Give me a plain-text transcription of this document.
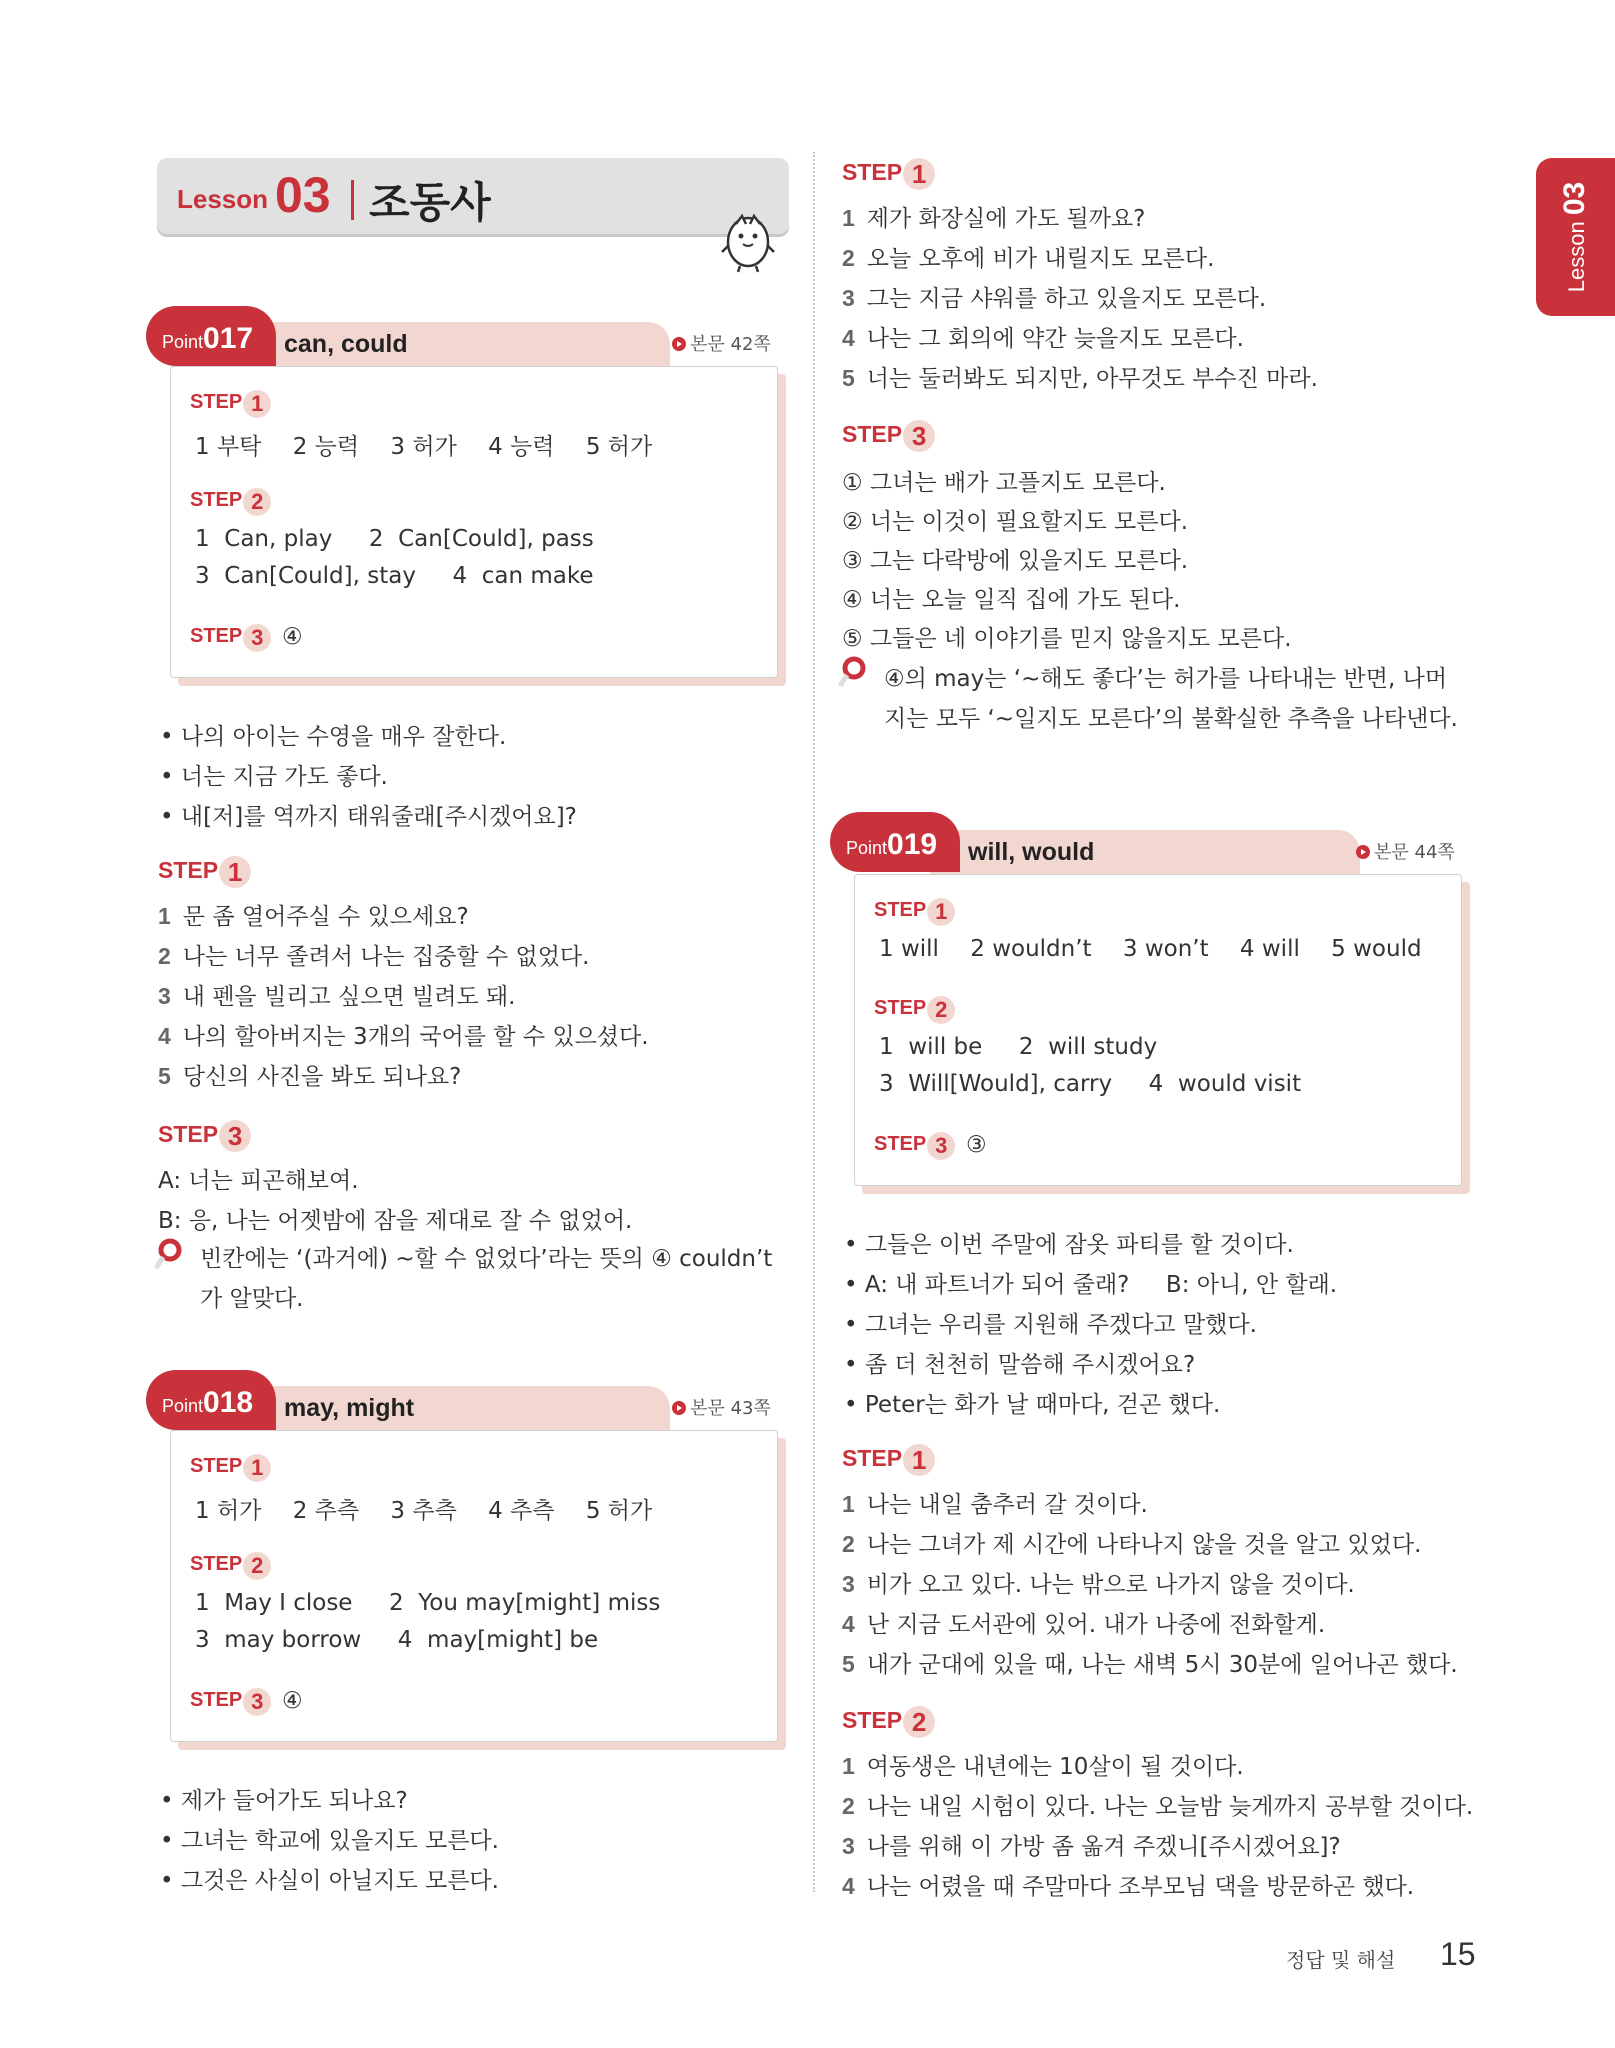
Lesson 03 조동사
Lesson 03
Point017 can, could	본문 42쪽
STEP 1
1 부탁 2 능력 3 허가 4 능력 5 허가
STEP 2
1  Can, play     2  Can[Could], pass
3  Can[Could], stay     4  can make
STEP 3 ④
• 나의 아이는 수영을 매우 잘한다.
• 너는 지금 가도 좋다.
• 내[저]를 역까지 태워줄래[주시겠어요]?
STEP 1
1 문 좀 열어주실 수 있으세요?
2 나는 너무 졸려서 나는 집중할 수 없었다.
3 내 펜을 빌리고 싶으면 빌려도 돼.
4 나의 할아버지는 3개의 국어를 할 수 있으셨다.
5 당신의 사진을 봐도 되나요?
STEP 3
A: 너는 피곤해보여.
B: 응, 나는 어젯밤에 잠을 제대로 잘 수 없었어.
빈칸에는 ‘(과거에) ~할 수 없었다’라는 뜻의 ④ couldn’t
가 알맞다.
Point018 may, might	본문 43쪽
STEP 1
1 허가 2 추측 3 추측 4 추측 5 허가
STEP 2
1  May I close     2  You may[might] miss
3  may borrow     4  may[might] be
STEP 3 ④
• 제가 들어가도 되나요?
• 그녀는 학교에 있을지도 모른다.
• 그것은 사실이 아닐지도 모른다.
STEP 1
1 제가 화장실에 가도 될까요?
2 오늘 오후에 비가 내릴지도 모른다.
3 그는 지금 샤워를 하고 있을지도 모른다.
4 나는 그 회의에 약간 늦을지도 모른다.
5 너는 둘러봐도 되지만, 아무것도 부수진 마라.
STEP 3
① 그녀는 배가 고플지도 모른다.
② 너는 이것이 필요할지도 모른다.
③ 그는 다락방에 있을지도 모른다.
④ 너는 오늘 일직 집에 가도 된다.
⑤ 그들은 네 이야기를 믿지 않을지도 모른다.
④의 may는 ‘~해도 좋다’는 허가를 나타내는 반면, 나머
지는 모두 ‘~일지도 모른다’의 불확실한 추측을 나타낸다.
Point019 will, would	본문 44쪽
STEP 1
1 will 2 wouldn’t 3 won’t 4 will 5 would
STEP 2
1  will be     2  will study
3  Will[Would], carry     4  would visit
STEP 3 ③
• 그들은 이번 주말에 잠옷 파티를 할 것이다.
• A: 내 파트너가 되어 줄래?     B: 아니, 안 할래.
• 그녀는 우리를 지원해 주겠다고 말했다.
• 좀 더 천천히 말씀해 주시겠어요?
• Peter는 화가 날 때마다, 걷곤 했다.
STEP 1
1 나는 내일 춤추러 갈 것이다.
2 나는 그녀가 제 시간에 나타나지 않을 것을 알고 있었다.
3 비가 오고 있다. 나는 밖으로 나가지 않을 것이다.
4 난 지금 도서관에 있어. 내가 나중에 전화할게.
5 내가 군대에 있을 때, 나는 새벽 5시 30분에 일어나곤 했다.
STEP 2
1 여동생은 내년에는 10살이 될 것이다.
2 나는 내일 시험이 있다. 나는 오늘밤 늦게까지 공부할 것이다.
3 나를 위해 이 가방 좀 옮겨 주겠니[주시겠어요]?
4 나는 어렸을 때 주말마다 조부모님 댁을 방문하곤 했다.
정답 및 해설 15
